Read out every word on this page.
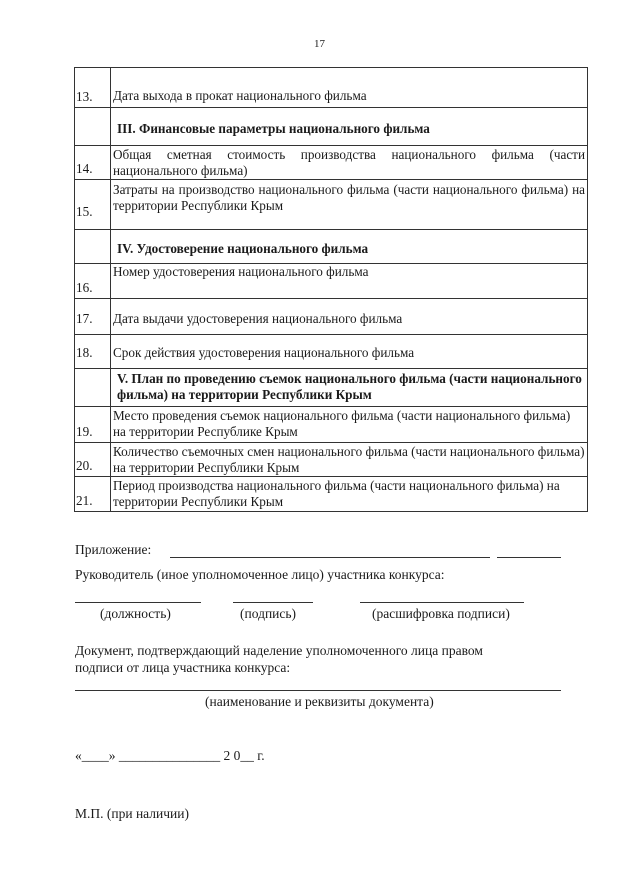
17
13.	Дата выхода в прокат национального фильма
	III. Финансовые параметры национального фильма
14.	Общая сметная стоимость производства национального фильма (части национального фильма)
15.	Затраты на производство национального фильма (части национального фильма) на территории Республики Крым
	IV. Удостоверение национального фильма
16.	Номер удостоверения национального фильма
17.	Дата выдачи удостоверения национального фильма
18.	Срок действия удостоверения национального фильма
	V. План по проведению съемок национального фильма (части национального фильма) на территории Республики Крым
19.	Место проведения съемок национального фильма (части национального фильма) на территории Республике Крым
20.	Количество съемочных смен национального фильма (части национального фильма) на территории Республики Крым
21.	Период производства национального фильма (части национального фильма) на территории Республики Крым
Приложение:
Руководитель (иное уполномоченное лицо) участника конкурса:
(должность)	(подпись)	(расшифровка подписи)
Документ, подтверждающий наделение уполномоченного лица правом
подписи от лица участника конкурса:
(наименование и реквизиты документа)
«____» _______________ 2 0__ г.
М.П. (при наличии)
